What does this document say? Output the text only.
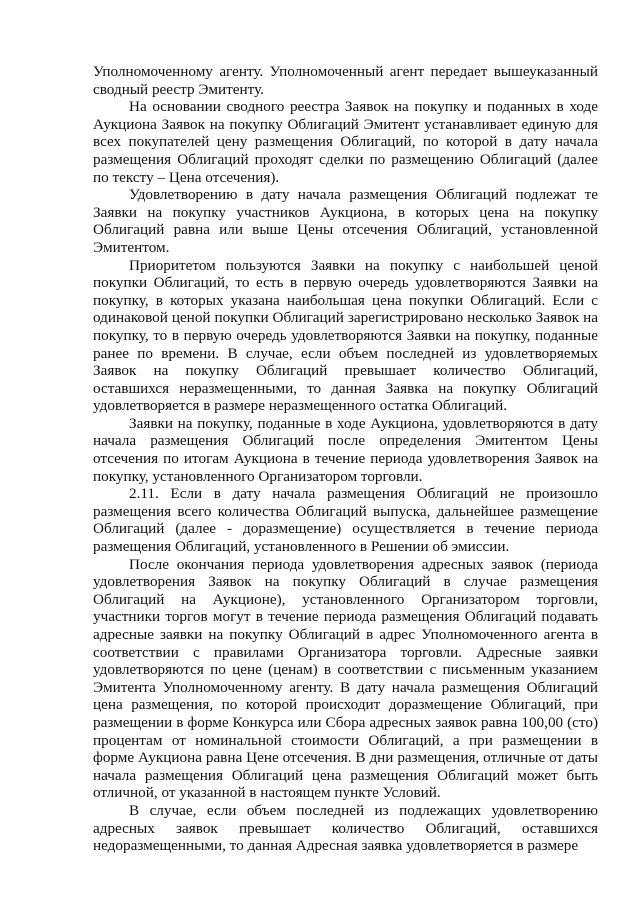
Уполномоченному агенту. Уполномоченный агент передает вышеуказанный сводный реестр Эмитенту.

На основании сводного реестра Заявок на покупку и поданных в ходе Аукциона Заявок на покупку Облигаций Эмитент устанавливает единую для всех покупателей цену размещения Облигаций, по которой в дату начала размещения Облигаций проходят сделки по размещению Облигаций (далее по тексту – Цена отсечения).

Удовлетворению в дату начала размещения Облигаций подлежат те Заявки на покупку участников Аукциона, в которых цена на покупку Облигаций равна или выше Цены отсечения Облигаций, установленной Эмитентом.

Приоритетом пользуются Заявки на покупку с наибольшей ценой покупки Облигаций, то есть в первую очередь удовлетворяются Заявки на покупку, в которых указана наибольшая цена покупки Облигаций. Если с одинаковой ценой покупки Облигаций зарегистрировано несколько Заявок на покупку, то в первую очередь удовлетворяются Заявки на покупку, поданные ранее по времени. В случае, если объем последней из удовлетворяемых Заявок на покупку Облигаций превышает количество Облигаций, оставшихся неразмещенными, то данная Заявка на покупку Облигаций удовлетворяется в размере неразмещенного остатка Облигаций.

Заявки на покупку, поданные в ходе Аукциона, удовлетворяются в дату начала размещения Облигаций после определения Эмитентом Цены отсечения по итогам Аукциона в течение периода удовлетворения Заявок на покупку, установленного Организатором торговли.

2.11. Если в дату начала размещения Облигаций не произошло размещения всего количества Облигаций выпуска, дальнейшее размещение Облигаций (далее - доразмещение) осуществляется в течение периода размещения Облигаций, установленного в Решении об эмиссии.

После окончания периода удовлетворения адресных заявок (периода удовлетворения Заявок на покупку Облигаций в случае размещения Облигаций на Аукционе), установленного Организатором торговли, участники торгов могут в течение периода размещения Облигаций подавать адресные заявки на покупку Облигаций в адрес Уполномоченного агента в соответствии с правилами Организатора торговли. Адресные заявки удовлетворяются по цене (ценам) в соответствии с письменным указанием Эмитента Уполномоченному агенту. В дату начала размещения Облигаций цена размещения, по которой происходит доразмещение Облигаций, при размещении в форме Конкурса или Сбора адресных заявок равна 100,00 (сто) процентам от номинальной стоимости Облигаций, а при размещении в форме Аукциона равна Цене отсечения. В дни размещения, отличные от даты начала размещения Облигаций цена размещения Облигаций может быть отличной, от указанной в настоящем пункте Условий.

В случае, если объем последней из подлежащих удовлетворению адресных заявок превышает количество Облигаций, оставшихся недоразмещенными, то данная Адресная заявка удовлетворяется в размере
